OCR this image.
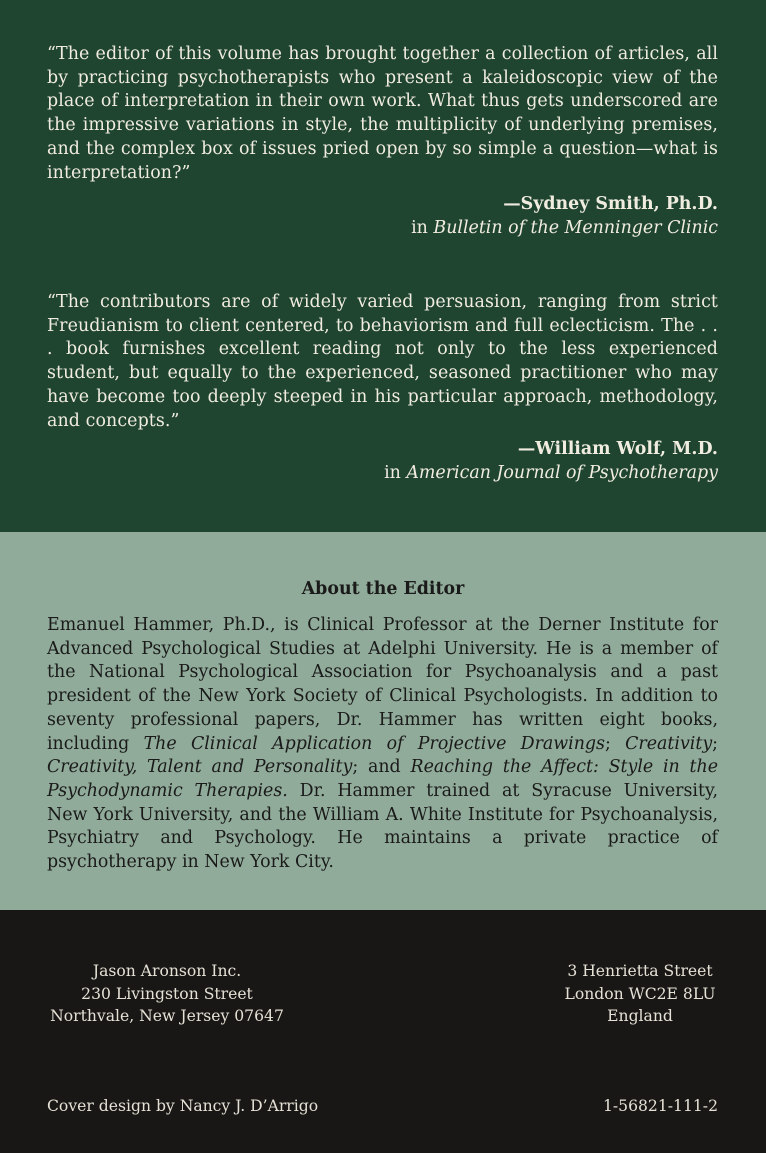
“The editor of this volume has brought together a collection of articles, all by practicing psychotherapists who present a kaleidoscopic view of the place of interpretation in their own work. What thus gets underscored are the impressive variations in style, the multiplicity of underlying premises, and the complex box of issues pried open by so simple a question—what is interpretation?”

—Sydney Smith, Ph.D.
in Bulletin of the Menninger Clinic

“The contributors are of widely varied persuasion, ranging from strict Freudianism to client centered, to behaviorism and full eclecticism. The . . . book furnishes excellent reading not only to the less experienced student, but equally to the experienced, seasoned practitioner who may have become too deeply steeped in his particular approach, methodology, and concepts.”

—William Wolf, M.D.
in American Journal of Psychotherapy
About the Editor

Emanuel Hammer, Ph.D., is Clinical Professor at the Derner Institute for Advanced Psychological Studies at Adelphi University. He is a member of the National Psychological Association for Psychoanalysis and a past president of the New York Society of Clinical Psychologists. In addition to seventy professional papers, Dr. Hammer has written eight books, including The Clinical Application of Projective Drawings; Creativity; Creativity, Talent and Personality; and Reaching the Affect: Style in the Psychodynamic Therapies. Dr. Hammer trained at Syracuse University, New York University, and the William A. White Institute for Psychoanalysis, Psychiatry and Psychology. He maintains a private practice of psychotherapy in New York City.

Jason Aronson Inc.
230 Livingston Street
Northvale, New Jersey 07647
3 Henrietta Street
London WC2E 8LU
England
Cover design by Nancy J. D’Arrigo	1-56821-111-2
